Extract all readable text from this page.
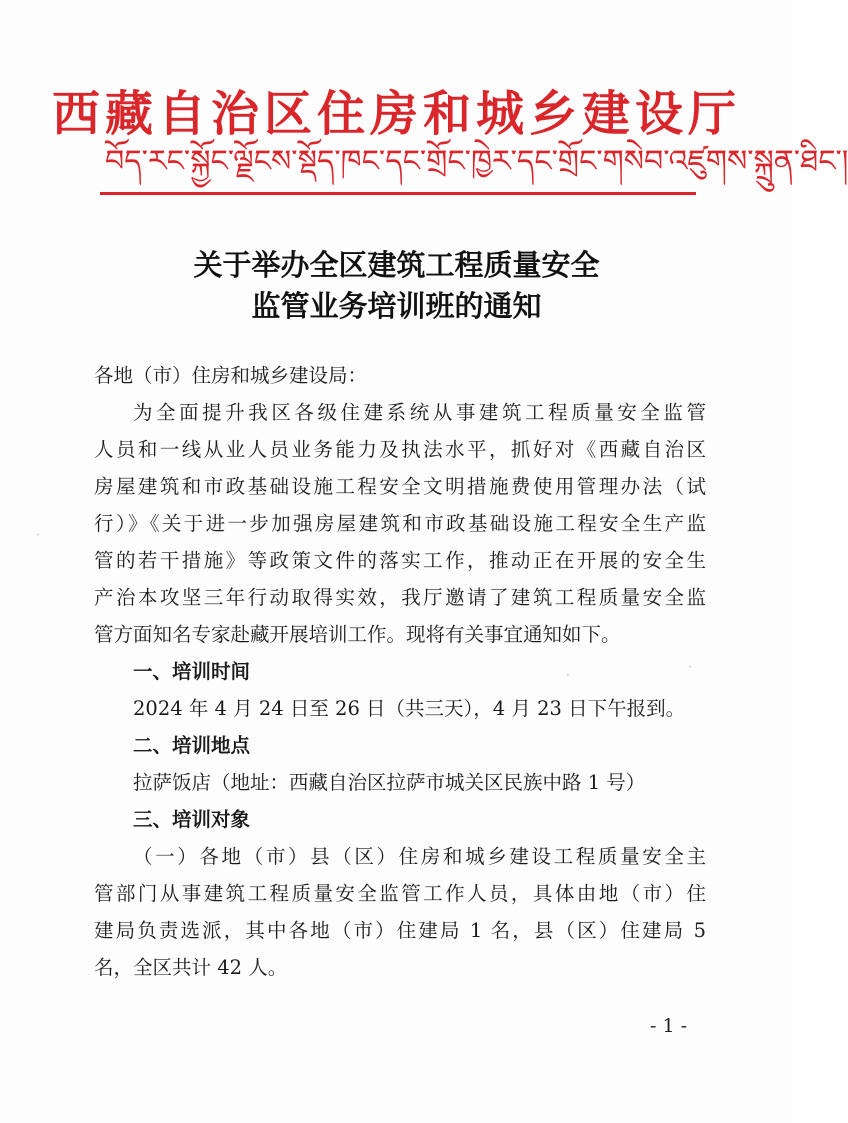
西藏自治区住房和城乡建设厅
བོད་རང་སྐྱོང་ལྗོངས་སྡོད་ཁང་དང་གྲོང་ཁྱེར་དང་གྲོང་གསེབ་འཛུགས་སྐྲུན་ཐིང་།
关于举办全区建筑工程质量安全
监管业务培训班的通知
各地（市）住房和城乡建设局：
为全面提升我区各级住建系统从事建筑工程质量安全监管
人员和一线从业人员业务能力及执法水平，抓好对《西藏自治区
房屋建筑和市政基础设施工程安全文明措施费使用管理办法（试
行）》《关于进一步加强房屋建筑和市政基础设施工程安全生产监
管的若干措施》等政策文件的落实工作，推动正在开展的安全生
产治本攻坚三年行动取得实效，我厅邀请了建筑工程质量安全监
管方面知名专家赴藏开展培训工作。现将有关事宜通知如下。
一、培训时间
2024 年 4 月 24 日至 26 日（共三天），4 月 23 日下午报到。
二、培训地点
拉萨饭店（地址：西藏自治区拉萨市城关区民族中路 1 号）
三、培训对象
（一）各地（市）县（区）住房和城乡建设工程质量安全主
管部门从事建筑工程质量安全监管工作人员，具体由地（市）住
建局负责选派，其中各地（市）住建局 1 名，县（区）住建局 5
名，全区共计 42 人。
- 1 -
·
·
·
